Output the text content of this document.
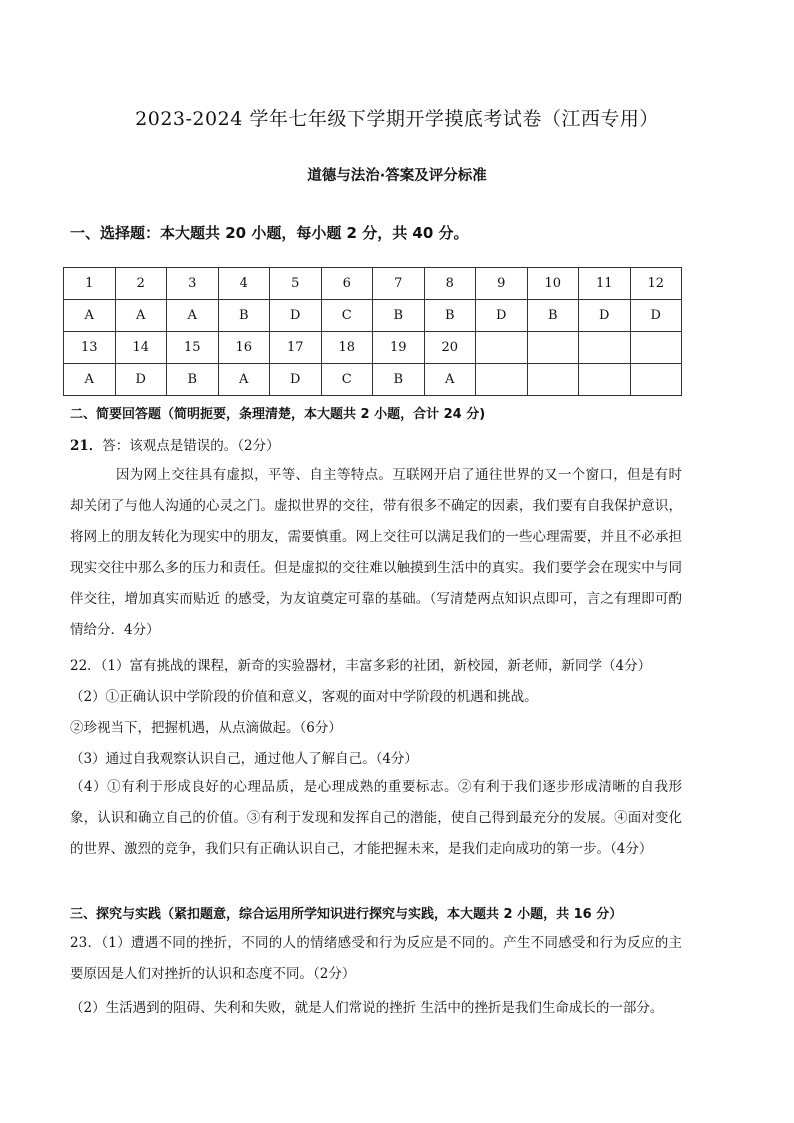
2023-2024 学年七年级下学期开学摸底考试卷（江西专用）
道德与法治·答案及评分标准
一、选择题：本大题共 20 小题，每小题 2 分，共 40 分。
1	2	3	4	5	6	7	8	9	10	11	12
A	A	A	B	D	C	B	B	D	B	D	D
13	14	15	16	17	18	19	20				
A	D	B	A	D	C	B	A				
二、简要回答题（简明扼要，条理清楚，本大题共 2 小题，合计 24 分)
21．答：该观点是错误的。（2分）
因为网上交往具有虚拟，平等、自主等特点。互联网开启了通往世界的又一个窗口，但是有时却关闭了与他人沟通的心灵之门。虚拟世界的交往，带有很多不确定的因素，我们要有自我保护意识，将网上的朋友转化为现实中的朋友，需要慎重。网上交往可以满足我们的一些心理需要，并且不必承担现实交往中那么多的压力和责任。但是虚拟的交往难以触摸到生活中的真实。我们要学会在现实中与同伴交往，增加真实而贴近 的感受，为友谊奠定可靠的基础。（写清楚两点知识点即可，言之有理即可酌情给分．4分）
22．（1）富有挑战的课程，新奇的实验器材，丰富多彩的社团，新校园，新老师，新同学（4分）
（2）①正确认识中学阶段的价值和意义，客观的面对中学阶段的机遇和挑战。
②珍视当下，把握机遇，从点滴做起。（6分）
（3）通过自我观察认识自己，通过他人了解自己。（4分）
（4）①有利于形成良好的心理品质，是心理成熟的重要标志。②有利于我们逐步形成清晰的自我形象，认识和确立自己的价值。③有利于发现和发挥自己的潜能，使自己得到最充分的发展。④面对变化的世界、激烈的竞争，我们只有正确认识自己，才能把握未来，是我们走向成功的第一步。（4分）
三、探究与实践（紧扣题意，综合运用所学知识进行探究与实践，本大题共 2 小题，共 16 分）
23．（1）遭遇不同的挫折，不同的人的情绪感受和行为反应是不同的。产生不同感受和行为反应的主要原因是人们对挫折的认识和态度不同。（2分）
（2）生活遇到的阻碍、失利和失败，就是人们常说的挫折 生活中的挫折是我们生命成长的一部分。
